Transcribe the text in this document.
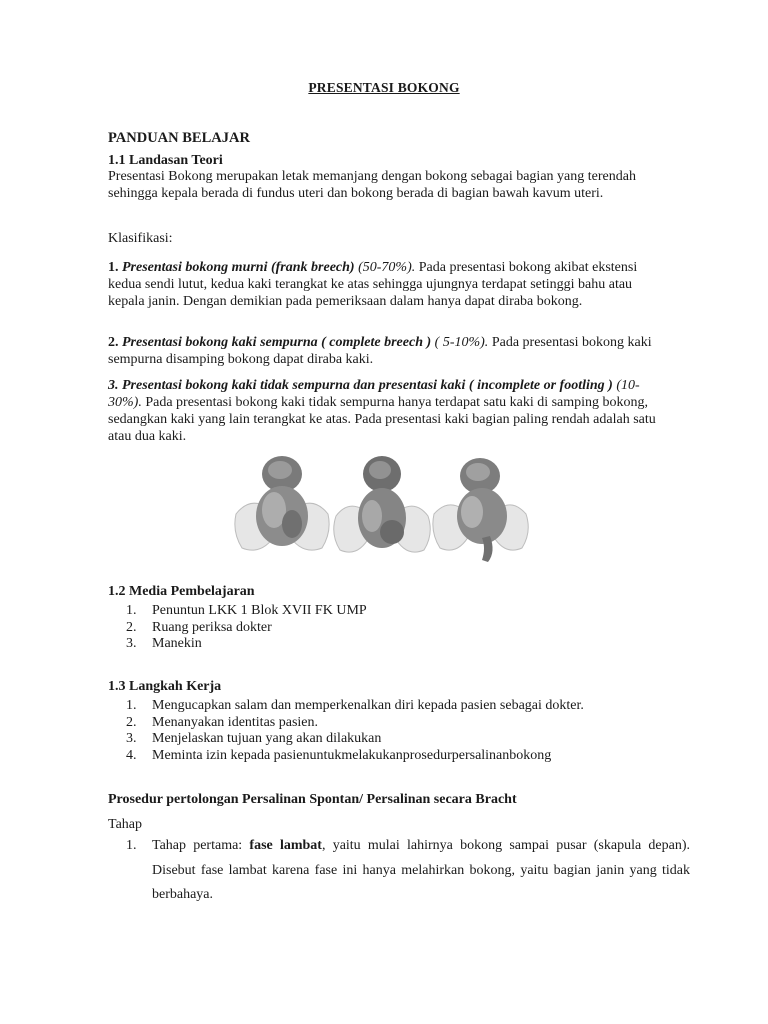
PRESENTASI BOKONG
PANDUAN BELAJAR
1.1 Landasan Teori

Presentasi Bokong merupakan letak memanjang dengan bokong sebagai bagian yang terendah sehingga kepala berada di fundus uteri dan bokong berada di bagian bawah kavum uteri.

Klasifikasi:

1. Presentasi bokong murni (frank breech) (50-70%). Pada presentasi bokong akibat ekstensi kedua sendi lutut, kedua kaki terangkat ke atas sehingga ujungnya terdapat setinggi bahu atau kepala janin. Dengan demikian pada pemeriksaan dalam hanya dapat diraba bokong.

2. Presentasi bokong kaki sempurna ( complete breech ) ( 5-10%). Pada presentasi bokong kaki sempurna disamping bokong dapat diraba kaki.

3. Presentasi bokong kaki tidak sempurna dan presentasi kaki ( incomplete or footling ) (10-30%). Pada presentasi bokong kaki tidak sempurna hanya terdapat satu kaki di samping bokong, sedangkan kaki yang lain terangkat ke atas. Pada presentasi kaki bagian paling rendah adalah satu atau dua kaki.

1.2 Media Pembelajaran
1. Penuntun LKK 1 Blok XVII FK UMP
2. Ruang periksa dokter
3. Manekin
1.3 Langkah Kerja
1. Mengucapkan salam dan memperkenalkan diri kepada pasien sebagai dokter.
2. Menanyakan identitas pasien.
3. Menjelaskan tujuan yang akan dilakukan
4. Meminta izin kepada pasienuntukmelakukanprosedurpersalinanbokong
Prosedur pertolongan Persalinan Spontan/ Persalinan secara Bracht

Tahap

1. Tahap pertama: fase lambat, yaitu mulai lahirnya bokong sampai pusar (skapula depan). Disebut fase lambat karena fase ini hanya melahirkan bokong, yaitu bagian janin yang tidak berbahaya.
